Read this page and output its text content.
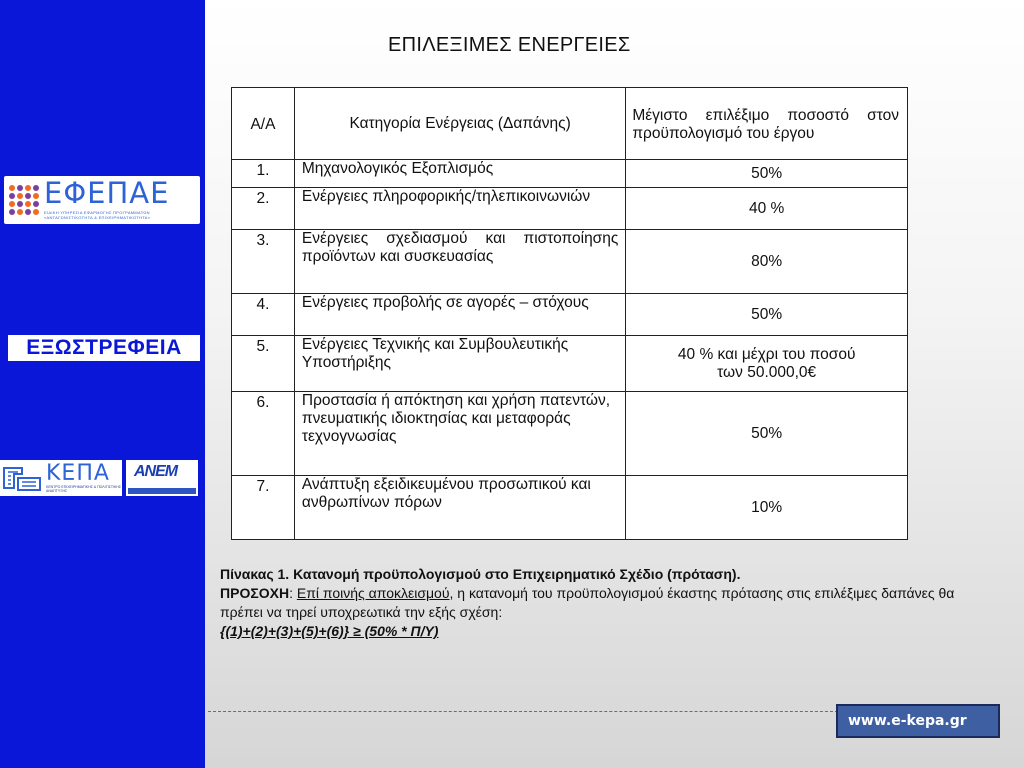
ΕΦΕΠΑΕ
ΕΙΔΙΚΗ ΥΠΗΡΕΣΙΑ ΕΦΑΡΜΟΓΗΣ ΠΡΟΓΡΑΜΜΑΤΩΝ «ΑΝΤΑΓΩΝΙΣΤΙΚΟΤΗΤΑ & ΕΠΙΧΕΙΡΗΜΑΤΙΚΟΤΗΤΑ»
ΕΞΩΣΤΡΕΦΕΙΑ
ΚΕΠΑ
ΚΕΝΤΡΟ ΕΠΙΧΕΙΡΗΜΑΤΙΚΗΣ & ΠΟΛΙΤΙΣΤΙΚΗΣ ΑΝΑΠΤΥΞΗΣ
ΑΝΕΜ
ΕΠΙΛΕΞΙΜΕΣ ΕΝΕΡΓΕΙΕΣ
Α/Α	Κατηγορία Ενέργειας (Δαπάνης)	Μέγιστο επιλέξιμο ποσοστό στον προϋπολογισμό του έργου
1.	Μηχανολογικός Εξοπλισμός	50%
2.	Ενέργειες πληροφορικής/τηλεπικοινωνιών	40 %
3.	Ενέργειες σχεδιασμού και πιστοποίησης προϊόντων και συσκευασίας	80%
4.	Ενέργειες προβολής σε αγορές – στόχους	50%
5.	Ενέργειες Τεχνικής και Συμβουλευτικής Υποστήριξης	40 % και μέχρι του ποσού των 50.000,0€
6.	Προστασία ή απόκτηση και χρήση πατεντών, πνευματικής ιδιοκτησίας και μεταφοράς τεχνογνωσίας	50%
7.	Ανάπτυξη εξειδικευμένου προσωπικού και ανθρωπίνων πόρων	10%
Πίνακας 1. Κατανομή προϋπολογισμού στο Επιχειρηματικό Σχέδιο (πρόταση).
ΠΡΟΣΟΧΗ: Επί ποινής αποκλεισμού, η κατανομή του προϋπολογισμού έκαστης πρότασης στις επιλέξιμες δαπάνες θα πρέπει να τηρεί υποχρεωτικά την εξής σχέση:
{(1)+(2)+(3)+(5)+(6)} ≥ (50% * Π/Υ)
www.e-kepa.gr
